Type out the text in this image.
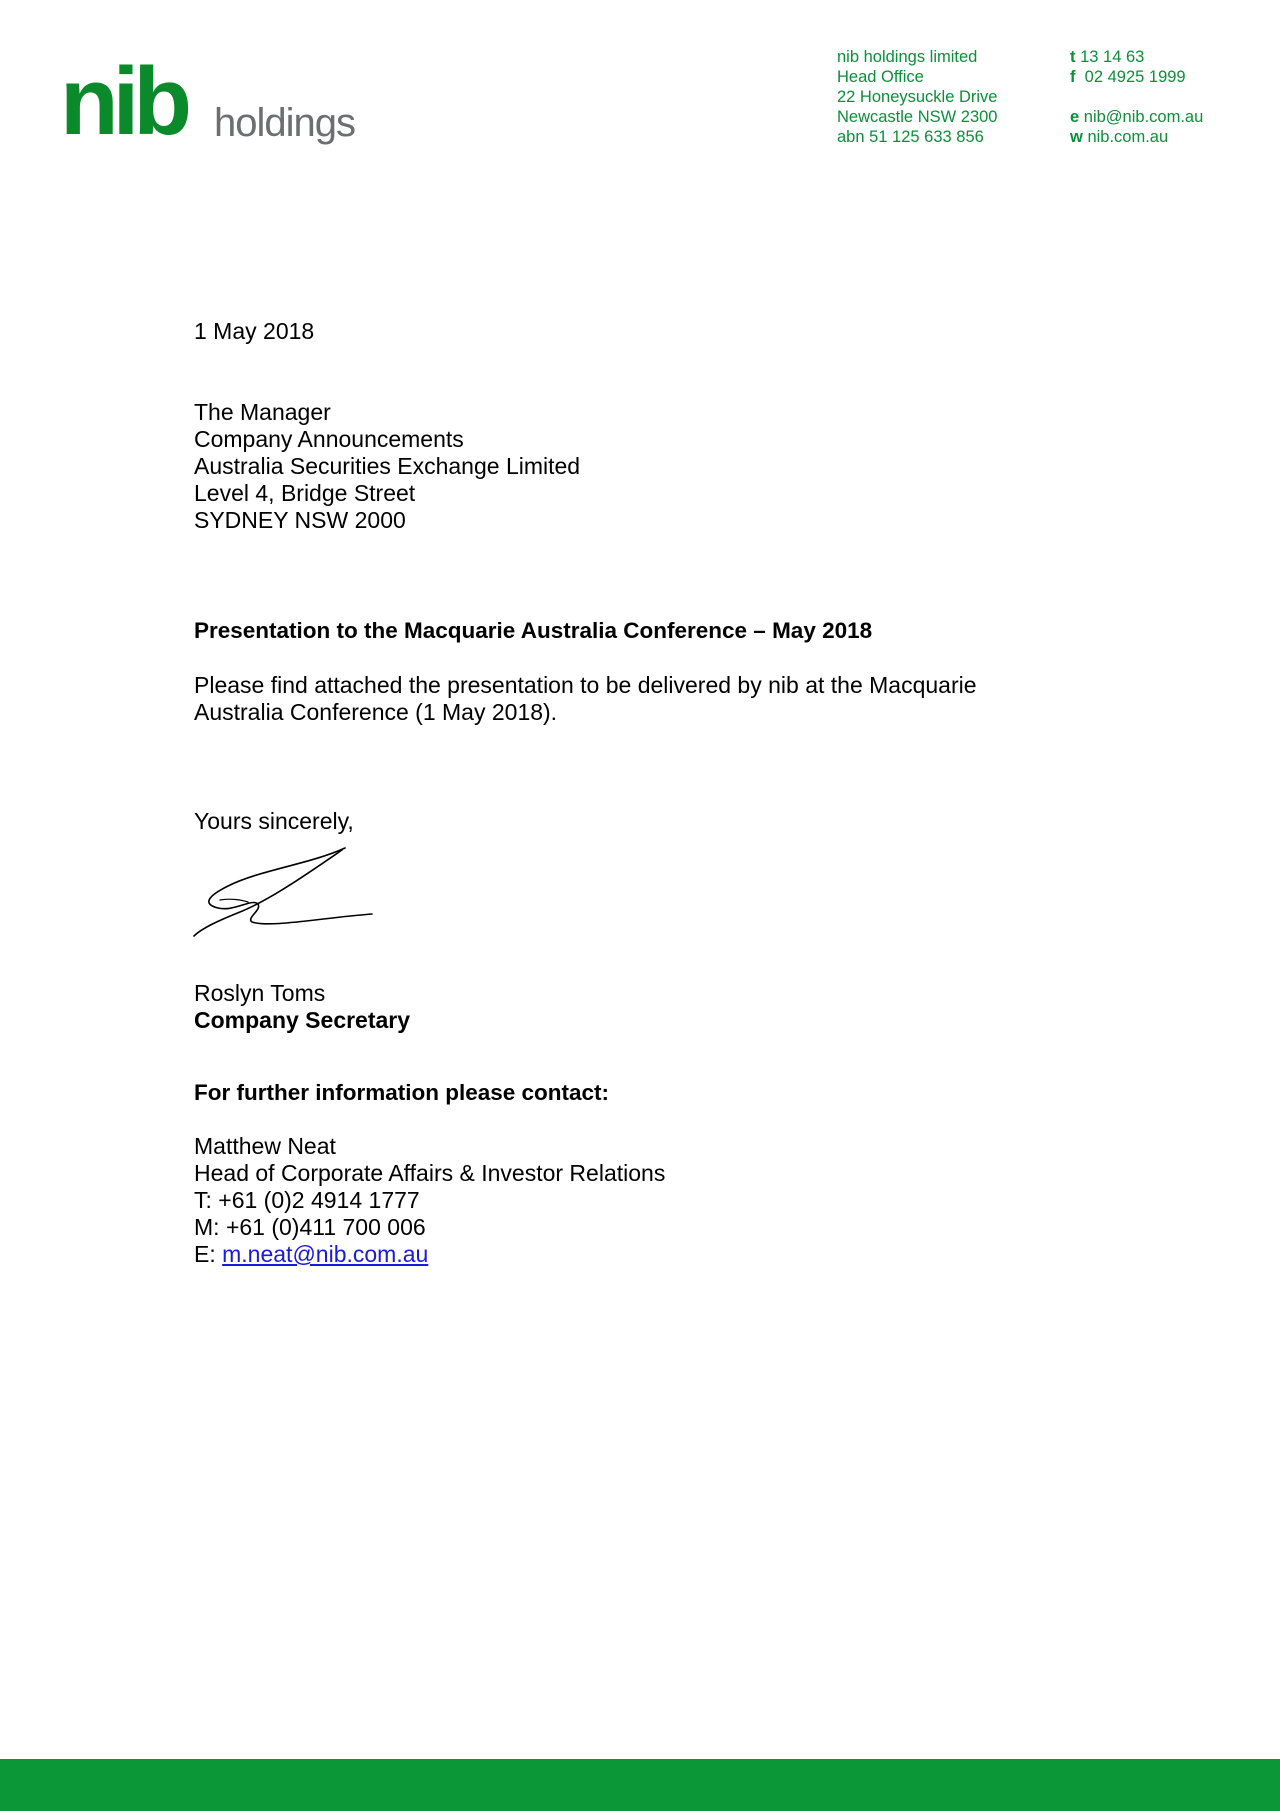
nib holdings
nib holdings limited
Head Office
22 Honeysuckle Drive
Newcastle NSW 2300
abn 51 125 633 856
t 13 14 63
f 02 4925 1999
e nib@nib.com.au
w nib.com.au
1 May 2018
The Manager
Company Announcements
Australia Securities Exchange Limited
Level 4, Bridge Street
SYDNEY NSW 2000
Presentation to the Macquarie Australia Conference – May 2018
Please find attached the presentation to be delivered by nib at the Macquarie
Australia Conference (1 May 2018).
Yours sincerely,
Roslyn Toms
Company Secretary
For further information please contact:
Matthew Neat
Head of Corporate Affairs & Investor Relations
T: +61 (0)2 4914 1777
M: +61 (0)411 700 006
E: m.neat@nib.com.au
